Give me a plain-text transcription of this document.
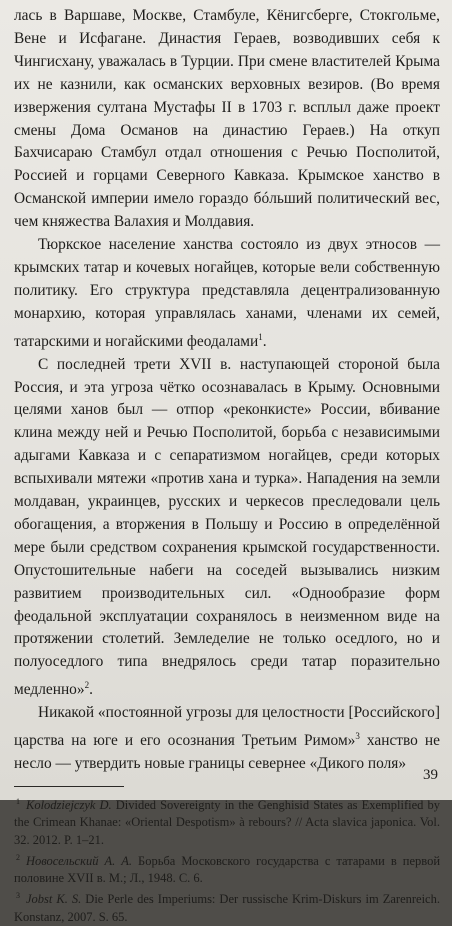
лась в Варшаве, Москве, Стамбуле, Кёнигсберге, Стокгольме, Вене и Исфагане. Династия Гераев, возводивших себя к Чингисхану, уважалась в Турции. При смене властителей Крыма их не казнили, как османских верховных везиров. (Во время извержения султана Мустафы II в 1703 г. всплыл даже проект смены Дома Османов на династию Гераев.) На откуп Бахчисараю Стамбул отдал отношения с Речью Посполитой, Россией и горцами Северного Кавказа. Крымское ханство в Османской империи имело гораздо бóльший политический вес, чем княжества Валахия и Молдавия.

Тюркское население ханства состояло из двух этносов — крымских татар и кочевых ногайцев, которые вели собственную политику. Его структура представляла децентрализованную монархию, которая управлялась ханами, членами их семей, татарскими и ногайскими феодалами$^1$.

С последней трети XVII в. наступающей стороной была Россия, и эта угроза чётко осознавалась в Крыму. Основными целями ханов был — отпор «реконкисте» России, вбивание клина между ней и Речью Посполитой, борьба с независимыми адыгами Кавказа и с сепаратизмом ногайцев, среди которых вспыхивали мятежи «против хана и турка». Нападения на земли молдаван, украинцев, русских и черкесов преследовали цель обогащения, а вторжения в Польшу и Россию в определённой мере были средством сохранения крымской государственности. Опустошительные набеги на соседей вызывались низким развитием производительных сил. «Однообразие форм феодальной эксплуатации сохранялось в неизменном виде на протяжении столетий. Земледелие не только оседлого, но и полуоседлого типа внедрялось среди татар поразительно медленно»$^2$.

Никакой «постоянной угрозы для целостности [Российского] царства на юге и его осознания Третьим Римом»$^3$ ханство не несло — утвердить новые границы севернее «Дикого поля»

$^1$ Kolodziejczyk D. Divided Sovereignty in the Genghisid States as Exemplified by the Crimean Khanae: «Oriental Despotism» à rebours? // Acta slavica japonica. Vol. 32. 2012. P. 1–21.

$^2$ Новосельский А. А. Борьба Московского государства с татарами в первой половине XVII в. М.; Л., 1948. С. 6.

$^3$ Jobst K. S. Die Perle des Imperiums: Der russische Krim-Diskurs im Zarenreich. Konstanz, 2007. S. 65.

39
